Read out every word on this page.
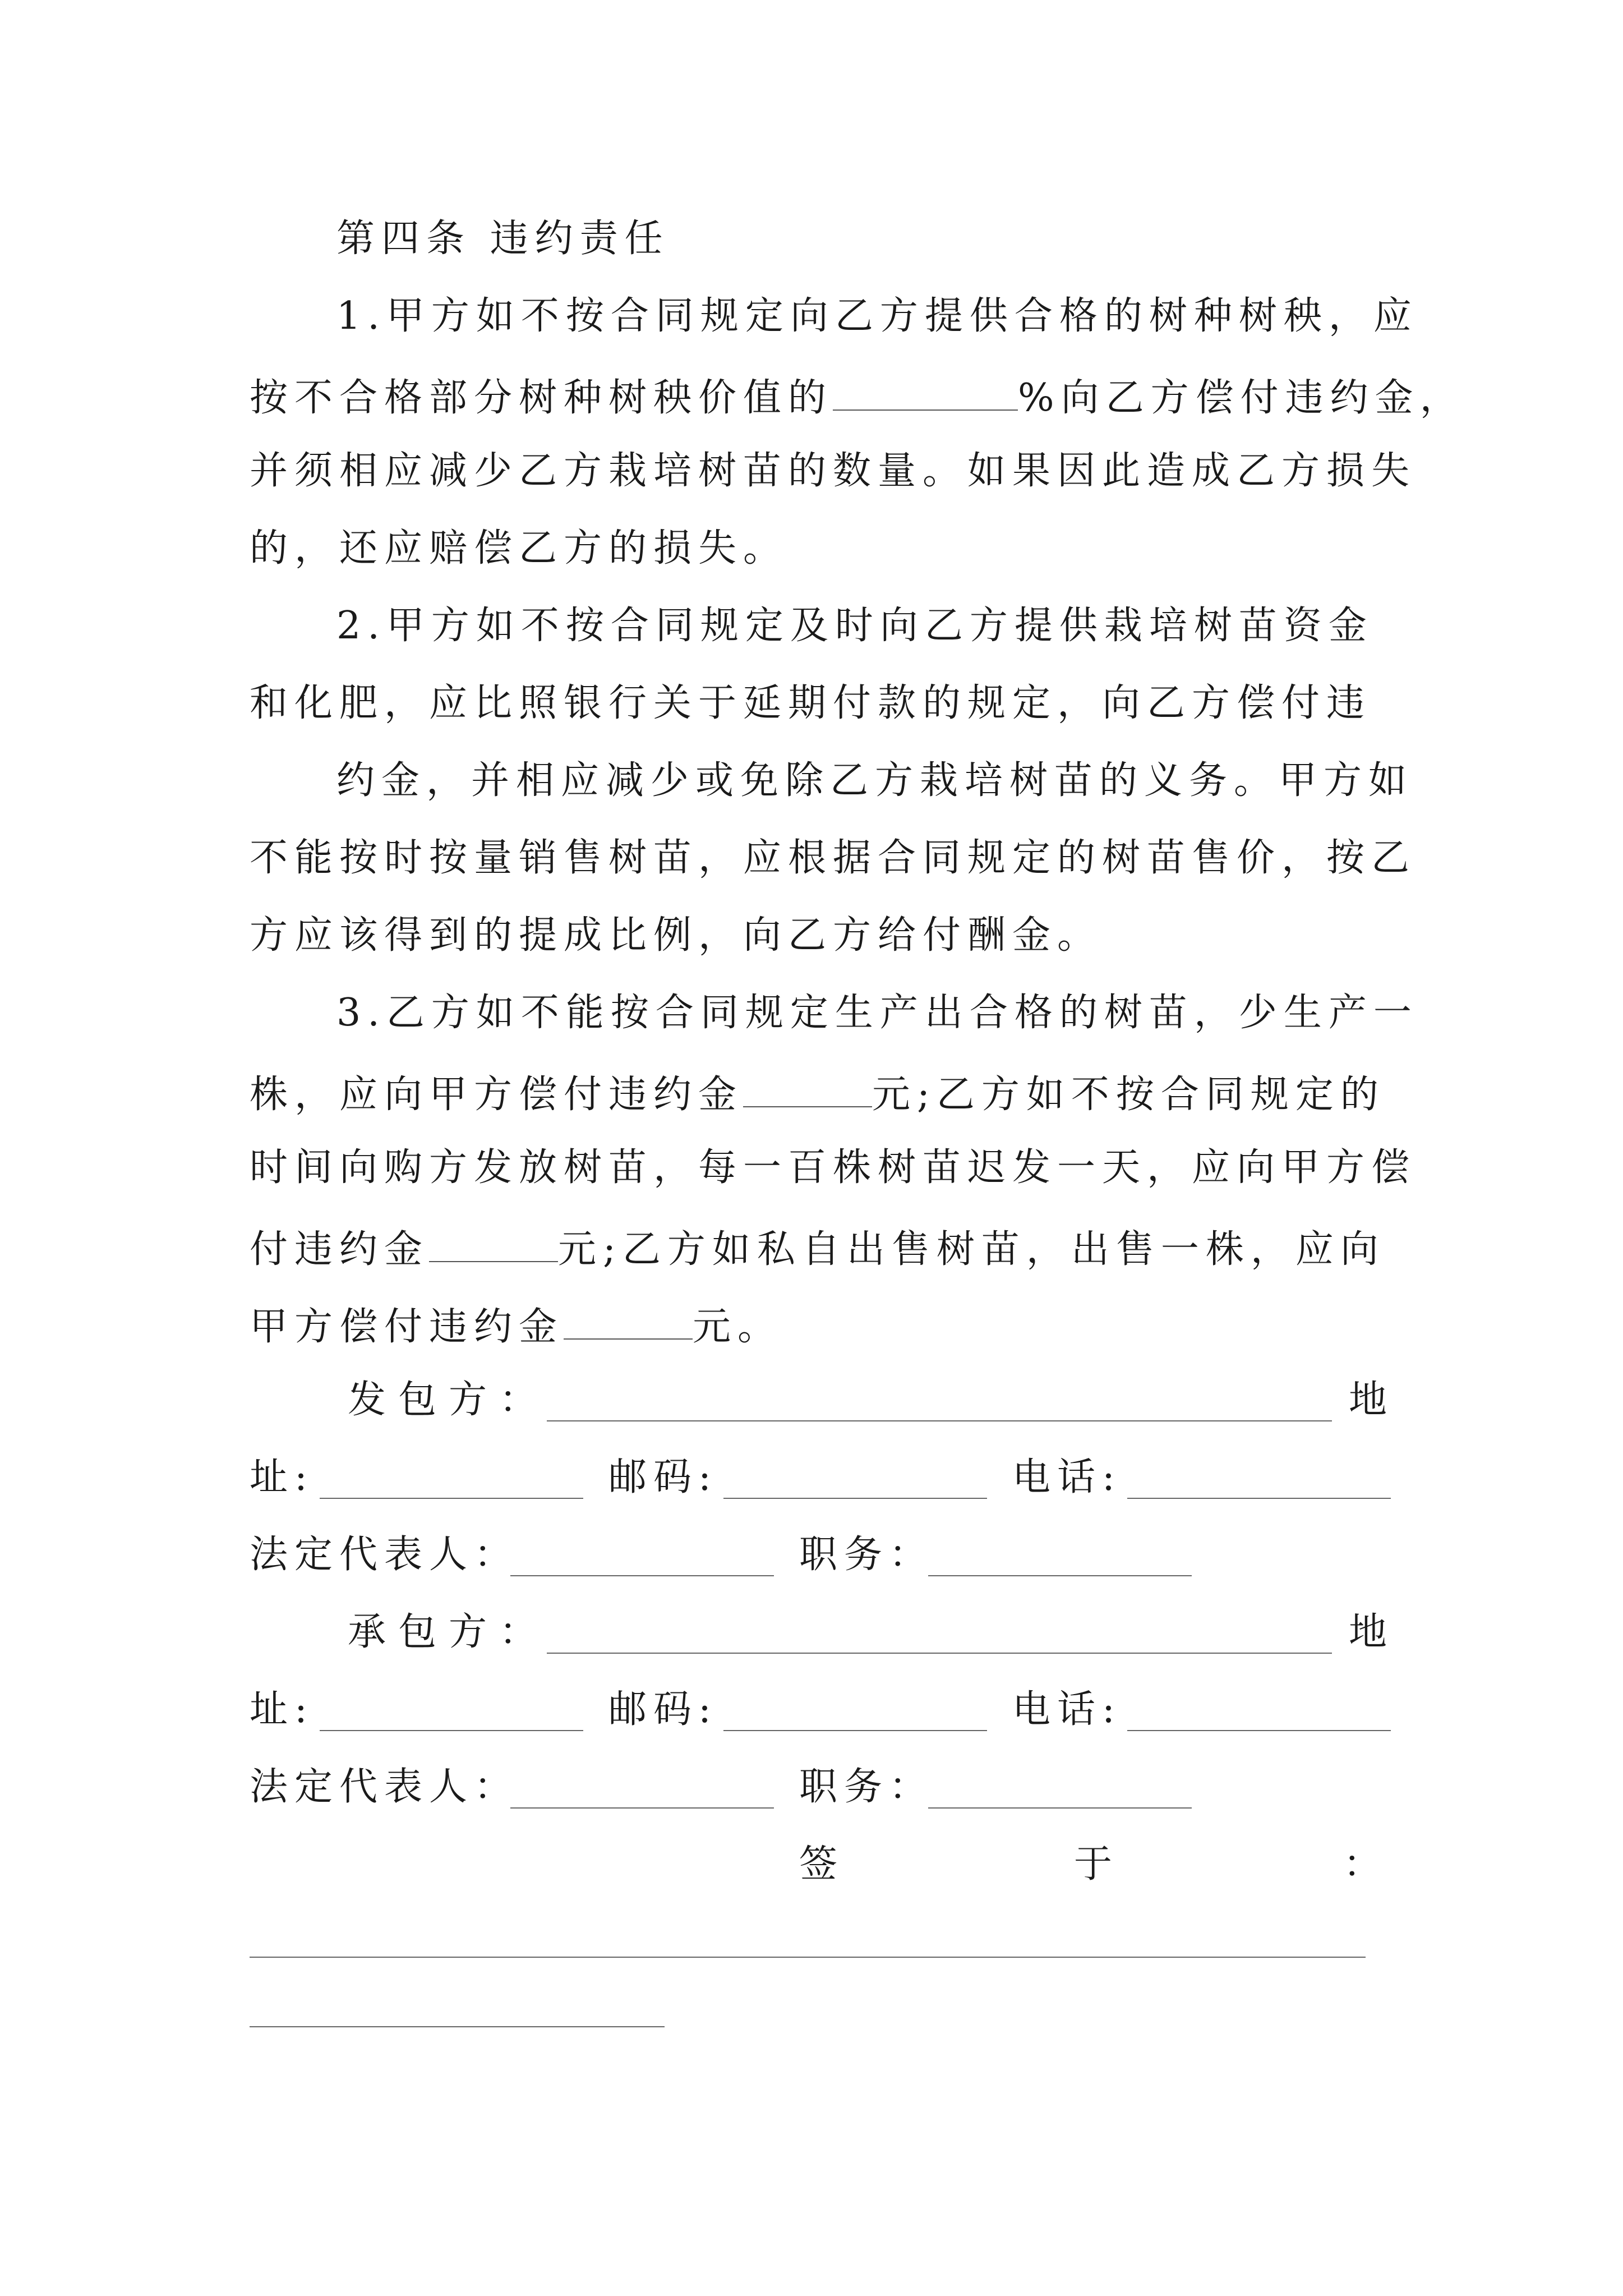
第四条 违约责任
1.甲方如不按合同规定向乙方提供合格的树种树秧，应
按不合格部分树种树秧价值的	%向乙方偿付违约金，
并须相应减少乙方栽培树苗的数量。如果因此造成乙方损失
的，还应赔偿乙方的损失。
2.甲方如不按合同规定及时向乙方提供栽培树苗资金
和化肥，应比照银行关于延期付款的规定，向乙方偿付违
约金，并相应减少或免除乙方栽培树苗的义务。甲方如
不能按时按量销售树苗，应根据合同规定的树苗售价，按乙
方应该得到的提成比例，向乙方给付酬金。
3.乙方如不能按合同规定生产出合格的树苗，少生产一
株，应向甲方偿付违约金	元;乙方如不按合同规定的
时间向购方发放树苗，每一百株树苗迟发一天，应向甲方偿
付违约金	元;乙方如私自出售树苗，出售一株，应向
甲方偿付违约金	元。
发包方：	地
址:	邮码:	电话:
法定代表人：	职务：
承包方：	地
址:	邮码:	电话:
法定代表人：	职务：
签	于	：
